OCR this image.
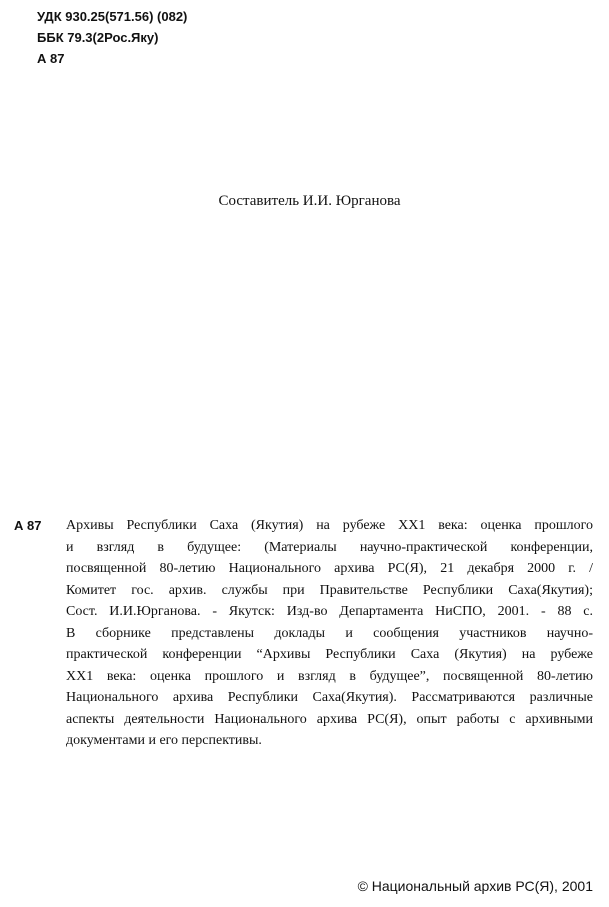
УДК 930.25(571.56) (082)
ББК 79.3(2Рос.Яку)
А 87
Составитель И.И. Юрганова
А 87 Архивы Республики Саха (Якутия) на рубеже XX1 века: оценка прошлого
и взгляд в будущее: (Материалы научно-практической конференции,
посвященной 80-летию Национального архива РС(Я), 21 декабря 2000 г. /
Комитет гос. архив. службы при Правительстве Республики Саха(Якутия);
Сост. И.И.Юрганова. - Якутск: Изд-во Департамента НиСПО, 2001. - 88 с.
В сборнике представлены доклады и сообщения участников научно-
практической конференции “Архивы Республики Саха (Якутия) на рубеже
XX1 века: оценка прошлого и взгляд в будущее”, посвященной 80-летию
Национального архива Республики Саха(Якутия). Рассматриваются различные
аспекты деятельности Национального архива РС(Я), опыт работы с архивными
документами и его перспективы.
© Национальный архив РС(Я), 2001
